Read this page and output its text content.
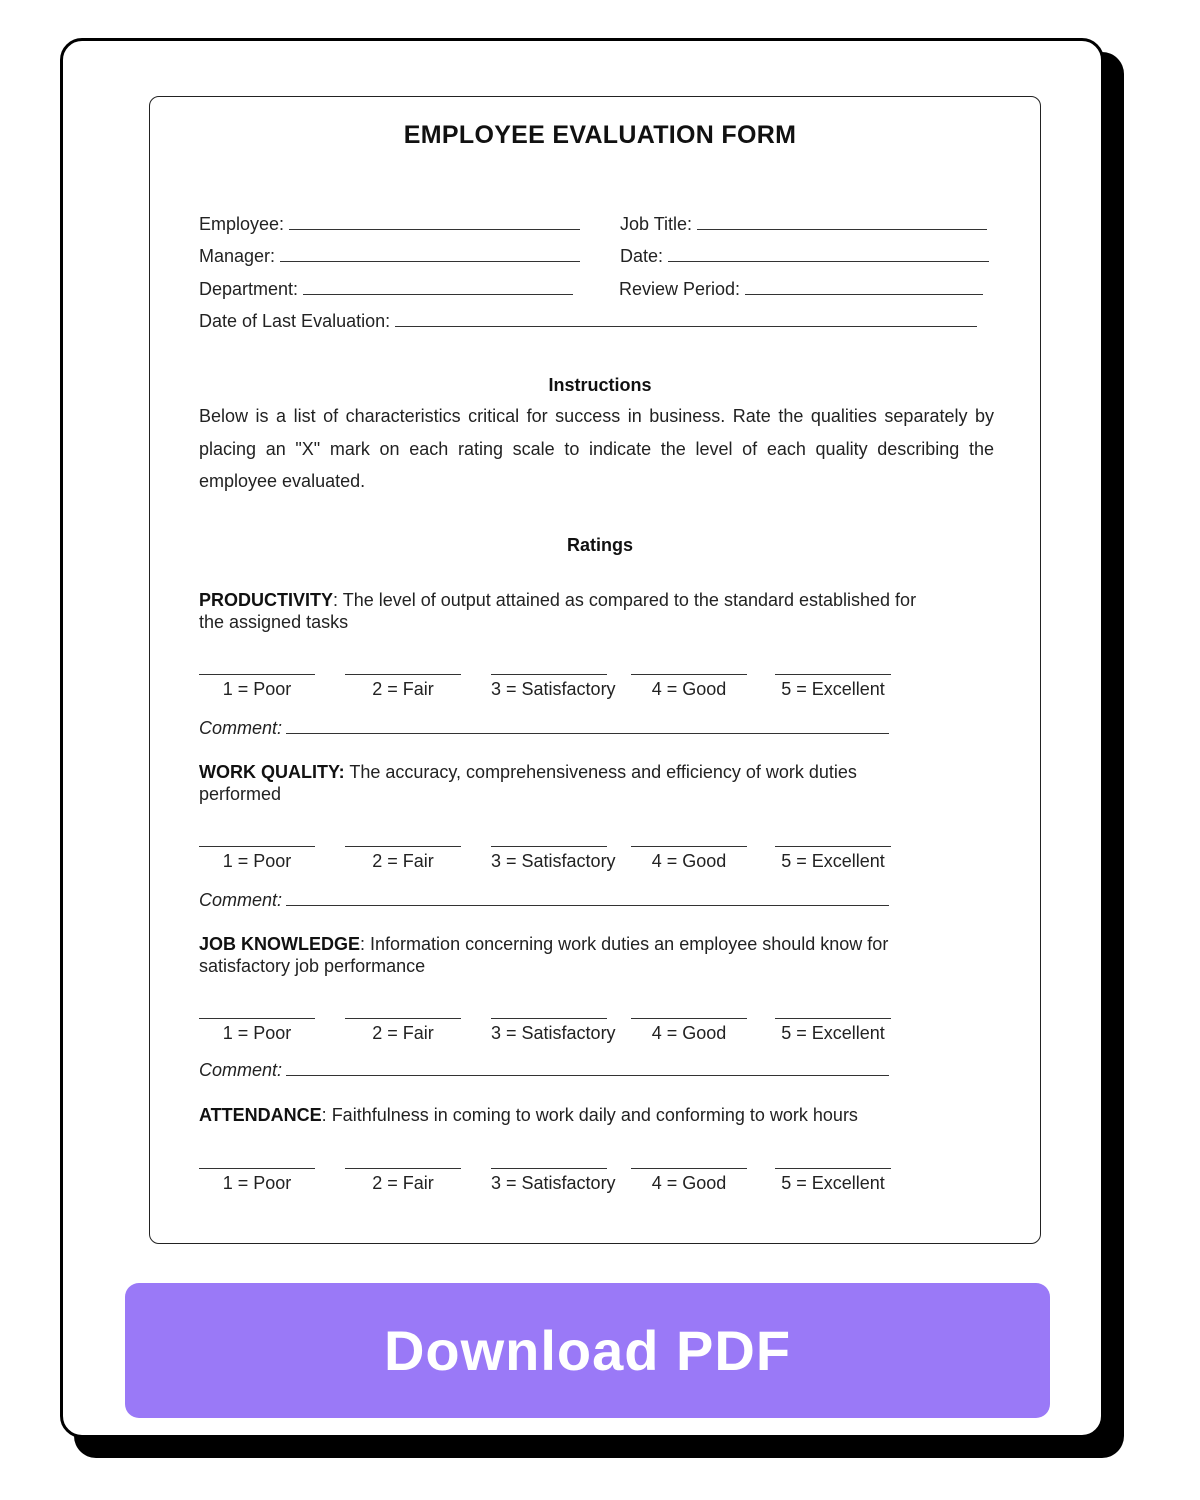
EMPLOYEE EVALUATION FORM
Employee:	Job Title:
Manager:	Date:
Department:	Review Period:
Date of Last Evaluation:
Instructions
Below is a list of characteristics critical for success in business. Rate the qualities separately by placing an "X" mark on each rating scale to indicate the level of each quality describing the employee evaluated.
Ratings
PRODUCTIVITY: The level of output attained as compared to the standard established for the assigned tasks
1 = Poor	2 = Fair	3 = Satisfactory	4 = Good	5 = Excellent
Comment:
WORK QUALITY: The accuracy, comprehensiveness and efficiency of work duties performed
1 = Poor	2 = Fair	3 = Satisfactory	4 = Good	5 = Excellent
Comment:
JOB KNOWLEDGE: Information concerning work duties an employee should know for satisfactory job performance
1 = Poor	2 = Fair	3 = Satisfactory	4 = Good	5 = Excellent
Comment:
ATTENDANCE: Faithfulness in coming to work daily and conforming to work hours
1 = Poor	2 = Fair	3 = Satisfactory	4 = Good	5 = Excellent
Download PDF
